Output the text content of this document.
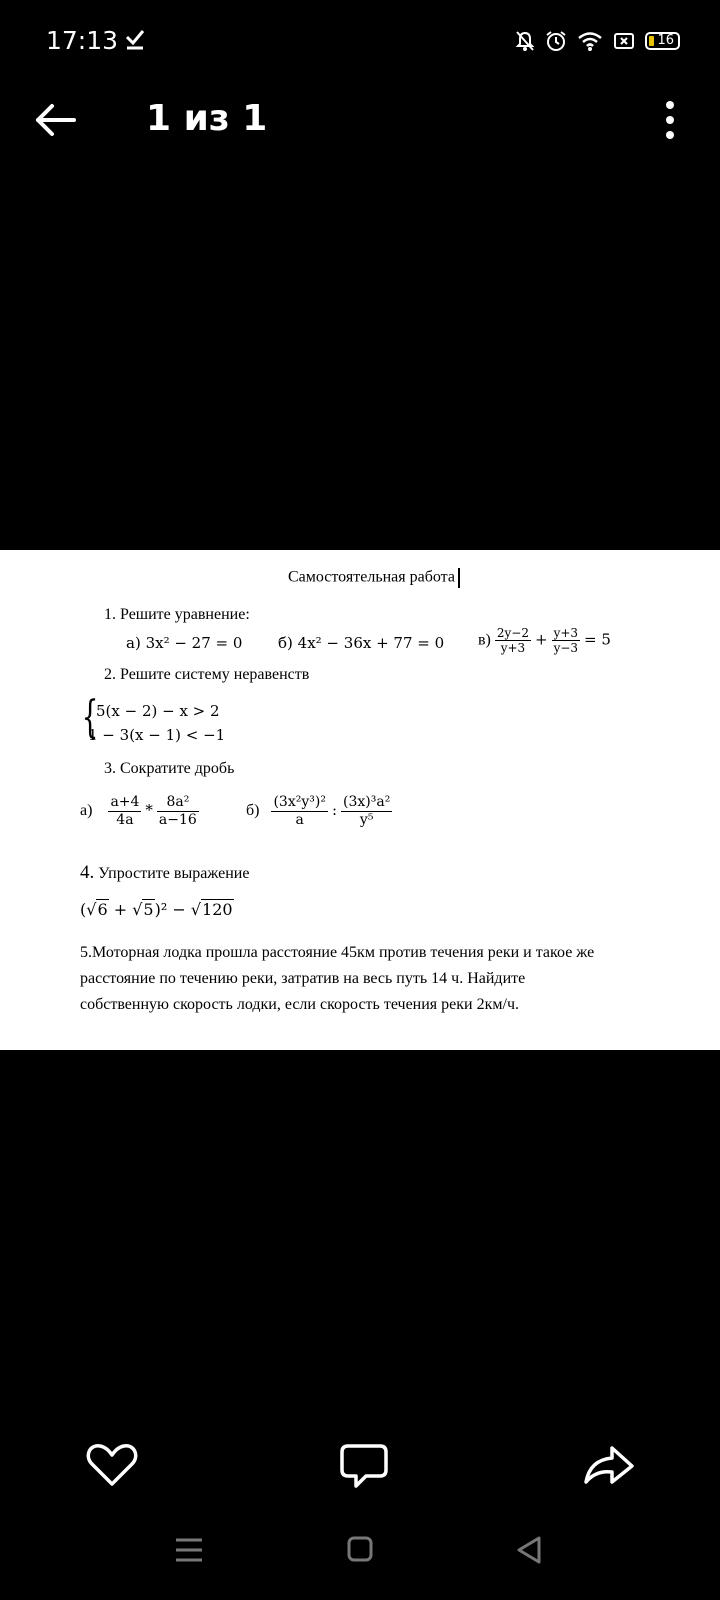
17:13	16
1 из 1
Самостоятельная работа
1. Решите уравнение:
а) 3x² − 27 = 0 б) 4x² − 36x + 77 = 0 $в) \frac{2y-2}{y+3} + \frac{y+3}{y-3} = 5$
2. Решите систему неравенств
{
5(x − 2) − x > 2
1 − 3(x − 1) < −1
3. Сократите дробь
$а) \frac{a+4}{4a} * \frac{\text{8a²}}{a-16}$	$б) \frac{\text{(3x²y³)²}}{a}$ : $\frac{\text{(3x)³a²}}{\text{y⁵}}$
4. Упростите выражение
(√6 + √5)² − √120
5.Моторная лодка прошла расстояние 45км против течения реки и такое же
расстояние по течению реки, затратив на весь путь 14 ч. Найдите
собственную скорость лодки, если скорость течения реки 2км/ч.
